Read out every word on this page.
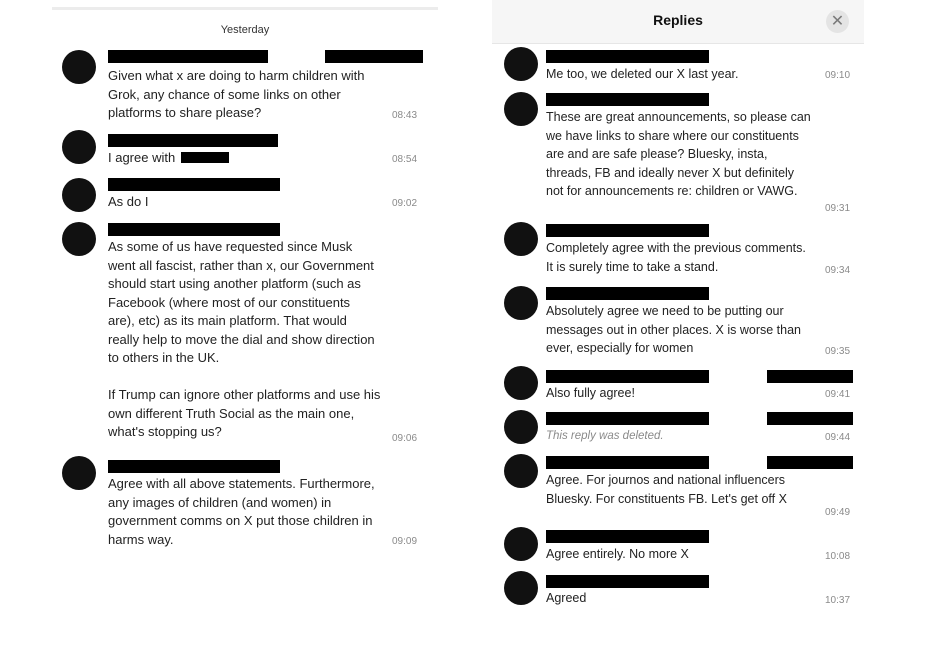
Yesterday
Given what x are doing to harm children with
Grok, any chance of some links on other
platforms to share please?	08:43
I agree with	08:54
As do I	09:02
As some of us have requested since Musk
went all fascist, rather than x, our Government
should start using another platform (such as
Facebook (where most of our constituents
are), etc) as its main platform. That would
really help to move the dial and show direction
to others in the UK.

If Trump can ignore other platforms and use his
own different Truth Social as the main one,
what's stopping us?	09:06
Agree with all above statements. Furthermore,
any images of children (and women) in
government comms on X put those children in
harms way.	09:09
Replies	✕
Me too, we deleted our X last year.	09:10
These are great announcements, so please can
we have links to share where our constituents
are and are safe please? Bluesky, insta,
threads, FB and ideally never X but definitely
not for announcements re: children or VAWG.
09:31
Completely agree with the previous comments.
It is surely time to take a stand.	09:34
Absolutely agree we need to be putting our
messages out in other places. X is worse than
ever, especially for women	09:35
Also fully agree!	09:41
This reply was deleted.	09:44
Agree. For journos and national influencers
Bluesky. For constituents FB. Let's get off X
09:49
Agree entirely. No more X	10:08
Agreed	10:37
